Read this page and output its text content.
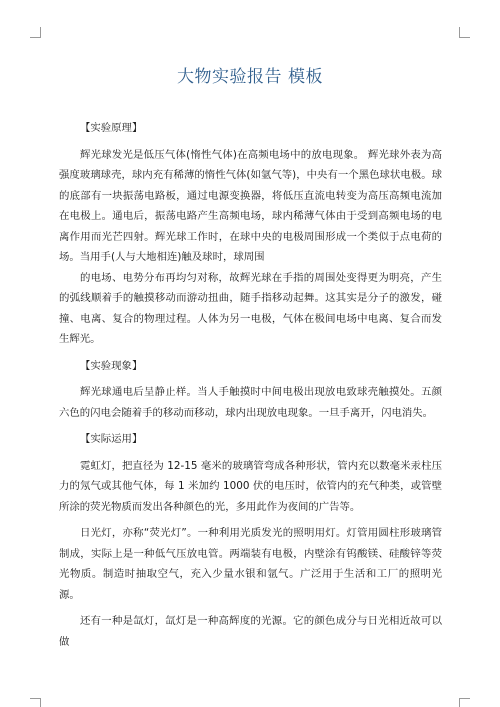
大物实验报告 模板

【实验原理】

辉光球发光是低压气体(惰性气体)在高频电场中的放电现象。 辉光球外表为高强度玻璃球壳，球内充有稀薄的惰性气体(如氩气等)，中央有一个黑色球状电极。球的底部有一块振荡电路板，通过电源变换器，将低压直流电转变为高压高频电流加在电极上。通电后，振荡电路产生高频电场，球内稀薄气体由于受到高频电场的电离作用而光芒四射。辉光球工作时，在球中央的电极周围形成一个类似于点电荷的场。当用手(人与大地相连)触及球时，球周围

的电场、电势分布再均匀对称，故辉光球在手指的周围处变得更为明亮，产生的弧线顺着手的触摸移动而游动扭曲，随手指移动起舞。这其实是分子的激发，碰撞、电离、复合的物理过程。人体为另一电极，气体在极间电场中电离、复合而发生辉光。

【实验现象】

辉光球通电后呈静止样。当人手触摸时中间电极出现放电致球壳触摸处。五颜六色的闪电会随着手的移动而移动，球内出现放电现象。一旦手离开，闪电消失。

【实际运用】

霓虹灯，把直径为 12-15 毫米的玻璃管弯成各种形状，管内充以数毫米汞柱压力的氖气或其他气体，每 1 米加约 1000 伏的电压时，依管内的充气种类，或管壁所涂的荧光物质而发出各种颜色的光，多用此作为夜间的广告等。

日光灯，亦称“荧光灯”。一种利用光质发光的照明用灯。灯管用圆柱形玻璃管制成，实际上是一种低气压放电管。两端装有电极，内壁涂有钨酸镁、硅酸锌等荧光物质。制造时抽取空气，充入少量水银和氩气。广泛用于生活和工厂的照明光源。

还有一种是氙灯，氙灯是一种高辉度的光源。它的颜色成分与日光相近故可以做
